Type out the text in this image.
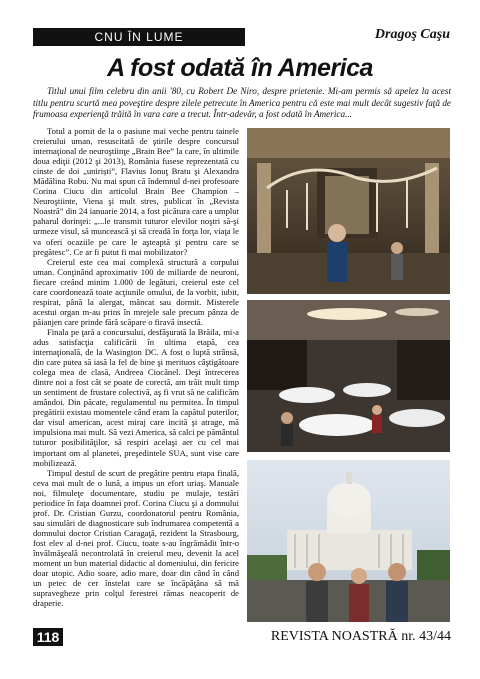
CNU ÎN LUME	Dragoş Caşu
A fost odată în America
Titlul unui film celebru din anii '80, cu Robert De Niro, despre prietenie. Mi-am permis să apelez la acest titlu pentru scurtă mea poveştire despre zilele petrecute în America pentru că este mai mult decât sugestiv faţă de frumoasa experienţă trăită în vara care a trecut. Într-adevăr, a fost odată în America...

Totul a pornit de la o pasiune mai veche pentru tainele creierului uman, resuscitată de ştirile despre concursul internaţional de neuroştiinţe „Brain Bee” la care, în ultimile doua ediţii (2012 şi 2013), România fusese reprezentată cu cinste de doi „uniriști”, Flavius Ionuţ Bratu şi Alexandra Mădălina Robu. Nu mai spun că îndemnul d-nei profesoare Corina Ciucu din articolul Brain Bee Champion – Neuroştiinte, Viena şi mult stres, publicat în „Revista Noastră” din 24 ianuarie 2014, a fost picătura care a umplut paharul dorinţei: „...le transmit tuturor elevilor noştri să-şi urmeze visul, să muncească şi să creadă în forţa lor, viaţa le va oferi ocaziile pe care le aşteaptă şi pentru care se pregătesc”. Ce ar fi putut fi mai mobilizator?

Creierul este cea mai complexă structură a corpului uman. Conţinând aproximativ 100 de miliarde de neuroni, fiecare creând minim 1.000 de legături, creierul este cel care coordonează toate acţiunile omului, de la vorbit, iubit, respirat, până la alergat, mâncat sau dormit. Misterele acestui organ m-au prins în mrejele sale precum pânza de păianjen care prinde fără scăpare o firavă insectă.

Finala pe ţară a concursului, desfăşurată la Brăila, mi-a adus satisfacţia calificării în ultima etapă, cea internaţională, de la Wasington DC. A fost o luptă strânsă, din care putea să iasă la fel de bine şi merituos câştigătoare colega mea de clasă, Andreea Ciocănel. Deşi întrecerea dintre noi a fost cât se poate de corectă, am trăit mult timp un sentiment de frustare colectivă, aş fi vrut să ne calificăm amândoi. Din păcate, regulamentul nu permitea. În timpul pregătirii existau momentele când eram la capătul puterilor, dar visul american, acest miraj care incită şi atrage, mă impulsiona mai mult. Să vezi America, să calci pe pământul tuturor posibilităţilor, să respiri acelaşi aer cu cel mai important om al planetei, preşedintele SUA, sunt vise care mobilizează.

Timpul destul de scurt de pregătire pentru etapa finală, ceva mai mult de o lună, a impus un efort uriaş. Manuale noi, filmuleţe documentare, studiu pe mulaje, testări periodice în faţa doamnei prof. Corina Ciucu şi a domnului prof. Dr. Cristian Gurzu, coordonatorul pentru România, sau simulări de diagnosticare sub îndrumarea competentă a domnului doctor Cristian Caragaţă, rezident la Strasbourg, fost elev al d-nei prof. Ciucu, toate s-au îngrămădit într-o învălmăşeală necontrolată în creierul meu, devenit la acel moment un bun material didactic al domeniului, din fericire doar utopic. Adio soare, adio mare, doar din când în când un petec de cer înstelat care se încăpăţâna să mă supravegheze prin colţul ferestrei rămas neacoperit de draperie.

118	REVISTA NOASTRĂ nr. 43/44
